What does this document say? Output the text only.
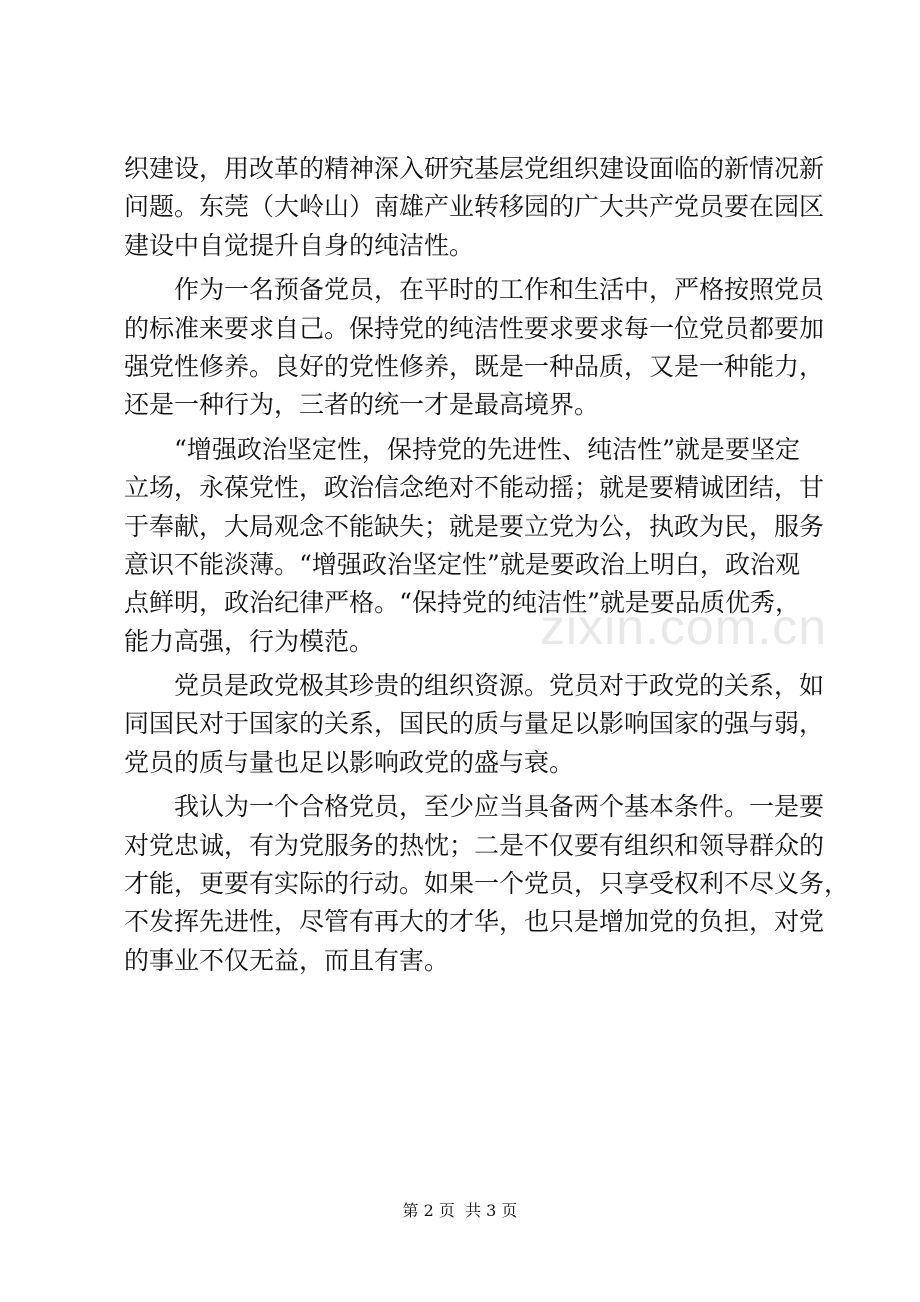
织建设，用改革的精神深入研究基层党组织建设面临的新情况新
问题。东莞（大岭山）南雄产业转移园的广大共产党员要在园区
建设中自觉提升自身的纯洁性。
作为一名预备党员，在平时的工作和生活中，严格按照党员
的标准来要求自己。保持党的纯洁性要求要求每一位党员都要加
强党性修养。良好的党性修养，既是一种品质，又是一种能力，
还是一种行为，三者的统一才是最高境界。
“增强政治坚定性，保持党的先进性、纯洁性”就是要坚定
立场，永葆党性，政治信念绝对不能动摇；就是要精诚团结，甘
于奉献，大局观念不能缺失；就是要立党为公，执政为民，服务
意识不能淡薄。“增强政治坚定性”就是要政治上明白，政治观
点鲜明，政治纪律严格。“保持党的纯洁性”就是要品质优秀，
能力高强，行为模范。
党员是政党极其珍贵的组织资源。党员对于政党的关系，如
同国民对于国家的关系，国民的质与量足以影响国家的强与弱，
党员的质与量也足以影响政党的盛与衰。
我认为一个合格党员，至少应当具备两个基本条件。一是要
对党忠诚，有为党服务的热忱；二是不仅要有组织和领导群众的
才能，更要有实际的行动。如果一个党员，只享受权利不尽义务，
不发挥先进性，尽管有再大的才华，也只是增加党的负担，对党
的事业不仅无益，而且有害。
zixin.com.cn
第 2 页  共 3 页
